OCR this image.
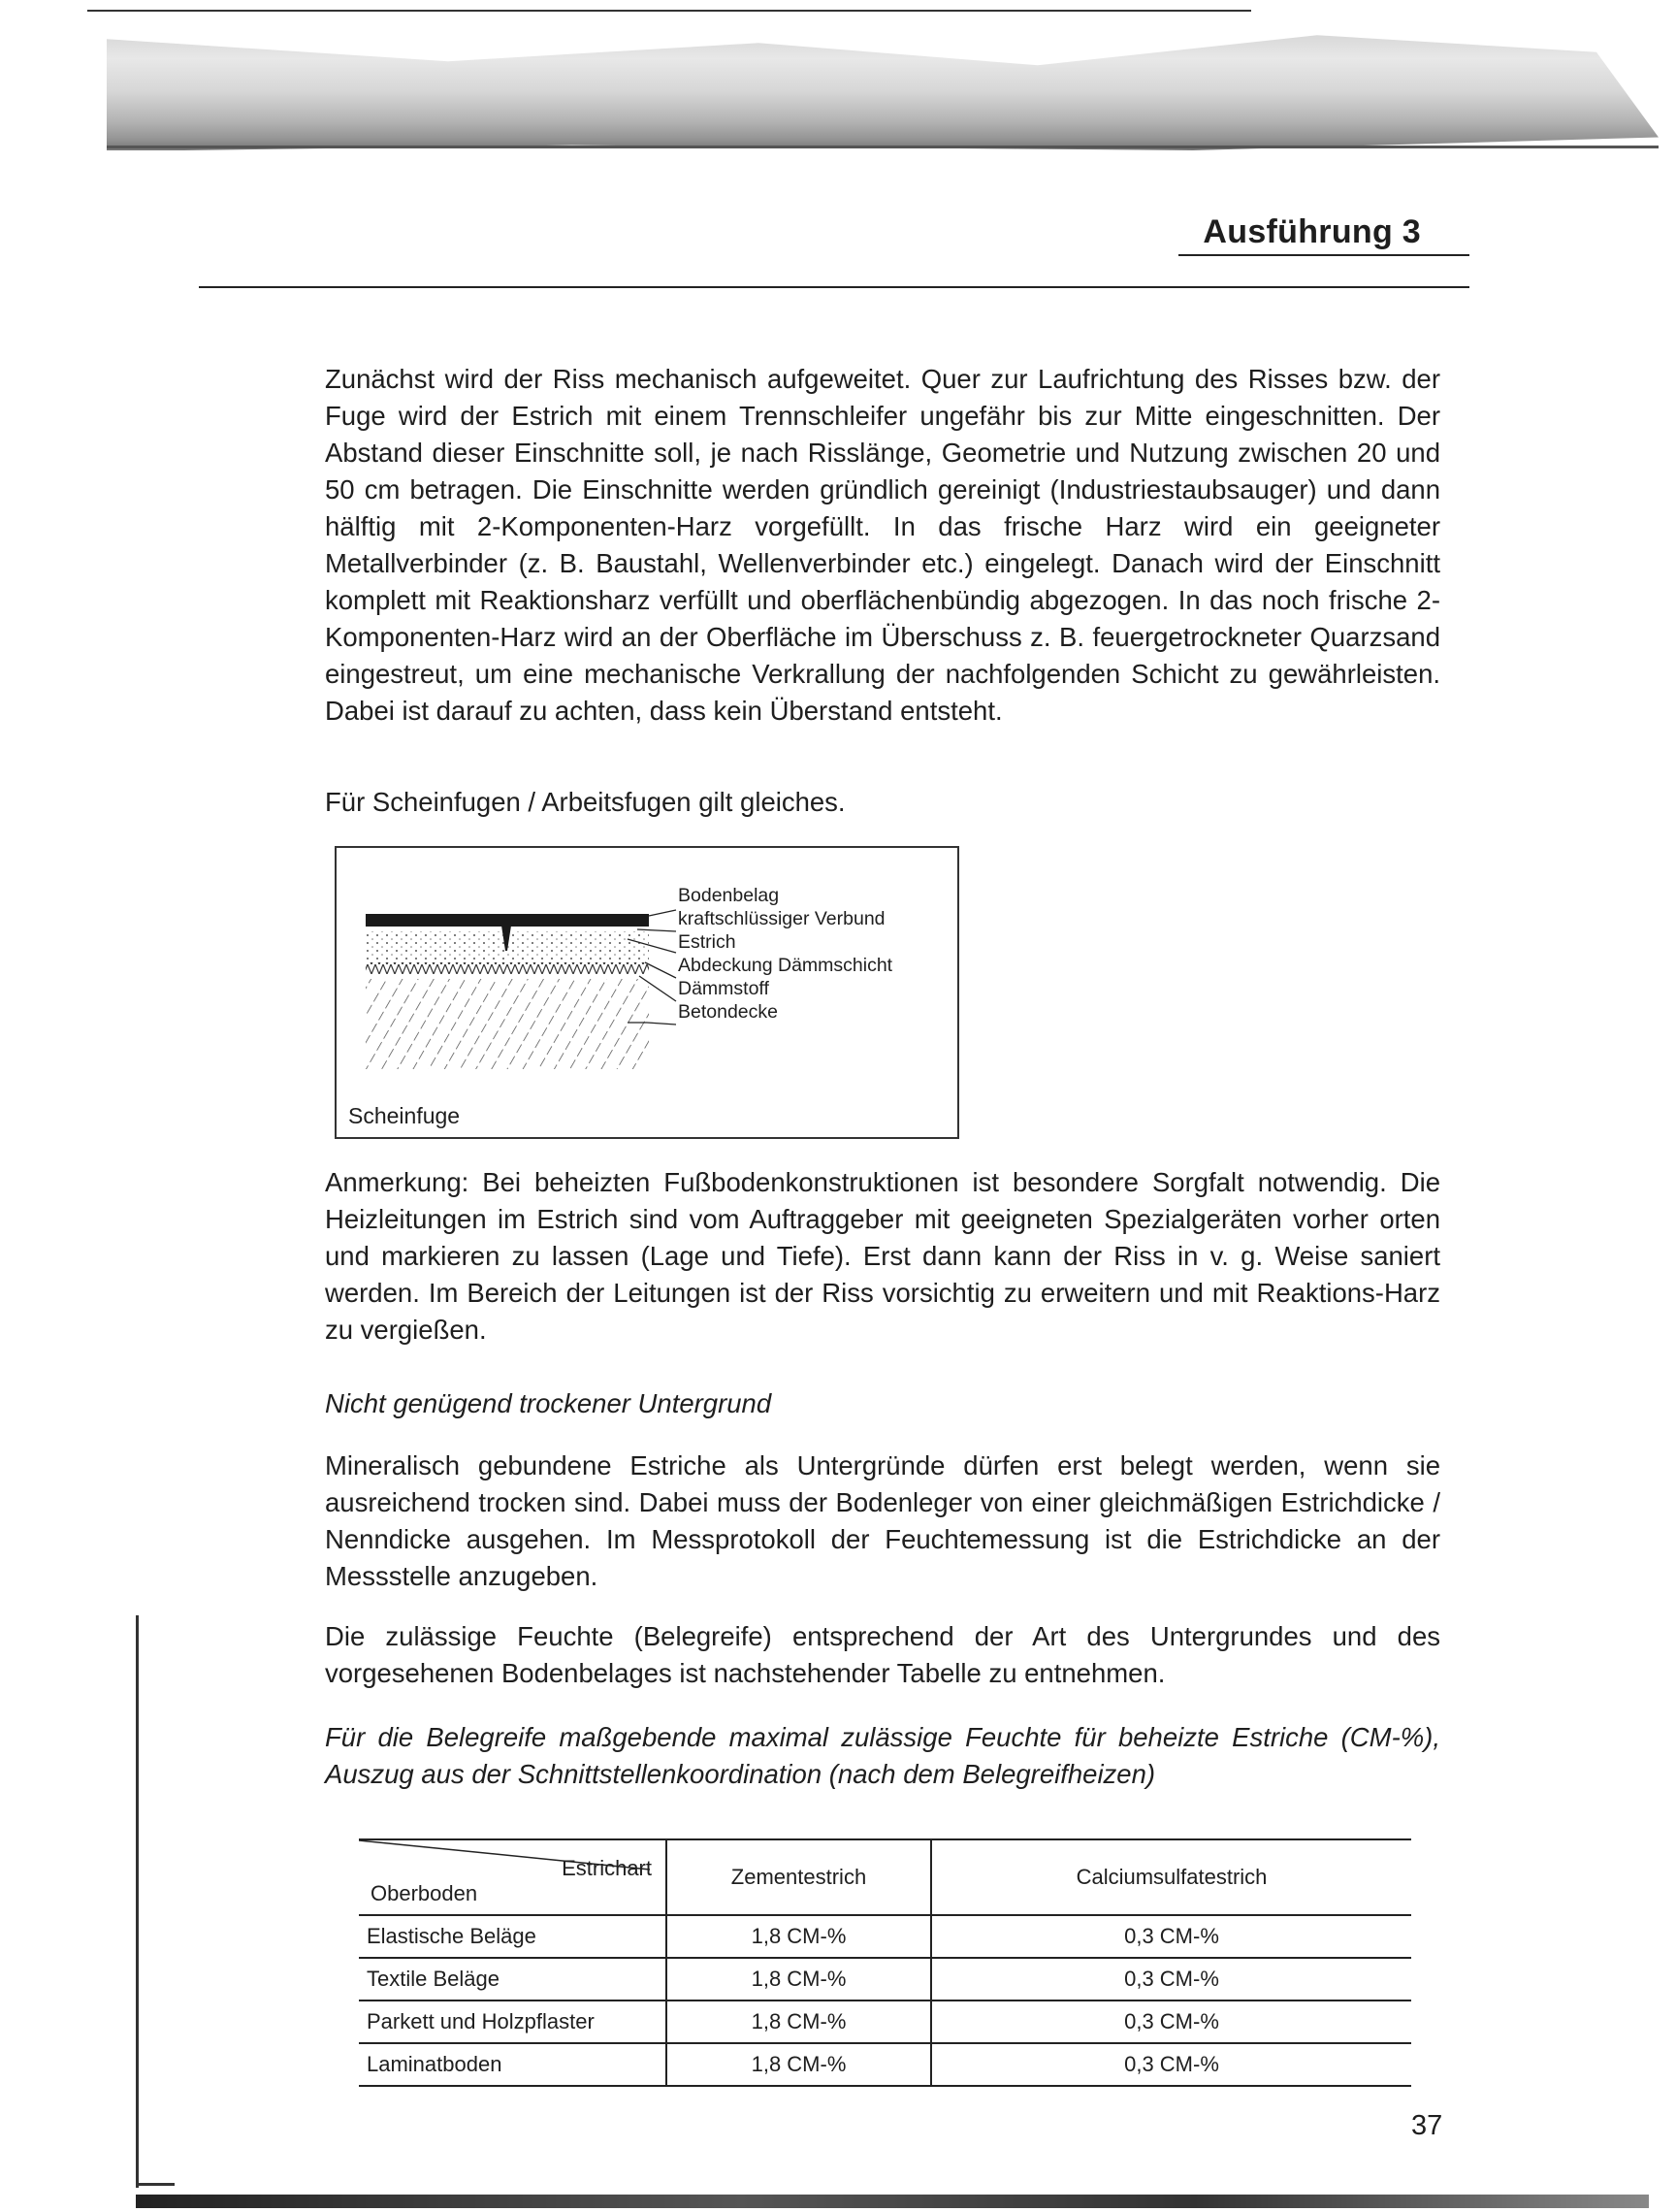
Ausführung 3
Zunächst wird der Riss mechanisch aufgeweitet. Quer zur Laufrichtung des Risses bzw. der Fuge wird der Estrich mit einem Trennschleifer ungefähr bis zur Mitte eingeschnitten. Der Abstand dieser Einschnitte soll, je nach Risslänge, Geometrie und Nutzung zwischen 20 und 50 cm betragen. Die Einschnitte werden gründlich gereinigt (Industriestaubsauger) und dann hälftig mit 2-Komponenten-Harz vorgefüllt. In das frische Harz wird ein geeigneter Metallverbinder (z. B. Baustahl, Wellenverbinder etc.) eingelegt. Danach wird der Einschnitt komplett mit Reaktionsharz verfüllt und oberflächenbündig abgezogen. In das noch frische 2-Komponenten-Harz wird an der Oberfläche im Überschuss z. B. feuergetrockneter Quarzsand eingestreut, um eine mechanische Verkrallung der nachfolgenden Schicht zu gewährleisten. Dabei ist darauf zu achten, dass kein Überstand entsteht.
Für Scheinfugen / Arbeitsfugen gilt gleiches.
Bodenbelag
kraftschlüssiger Verbund
Estrich
Abdeckung Dämmschicht
Dämmstoff
Betondecke
Scheinfuge
Anmerkung: Bei beheizten Fußbodenkonstruktionen ist besondere Sorgfalt notwendig. Die Heizleitungen im Estrich sind vom Auftraggeber mit geeigneten Spezialgeräten vorher orten und markieren zu lassen (Lage und Tiefe). Erst dann kann der Riss in v. g. Weise saniert werden. Im Bereich der Leitungen ist der Riss vorsichtig zu erweitern und mit Reaktions-Harz zu vergießen.
Nicht genügend trockener Untergrund
Mineralisch gebundene Estriche als Untergründe dürfen erst belegt werden, wenn sie ausreichend trocken sind. Dabei muss der Bodenleger von einer gleichmäßigen Estrichdicke / Nenndicke ausgehen. Im Messprotokoll der Feuchtemessung ist die Estrichdicke an der Messstelle anzugeben.
Die zulässige Feuchte (Belegreife) entsprechend der Art des Untergrundes und des vorgesehenen Bodenbelages ist nachstehender Tabelle zu entnehmen.
Für die Belegreife maßgebende maximal zulässige Feuchte für beheizte Estriche (CM-%), Auszug aus der Schnittstellenkoordination (nach dem Belegreifheizen)
Estrichart
Oberboden	Zementestrich	Calciumsulfatestrich
Elastische Beläge	1,8 CM-%	0,3 CM-%
Textile Beläge	1,8 CM-%	0,3 CM-%
Parkett und Holzpflaster	1,8 CM-%	0,3 CM-%
Laminatboden	1,8 CM-%	0,3 CM-%
37
